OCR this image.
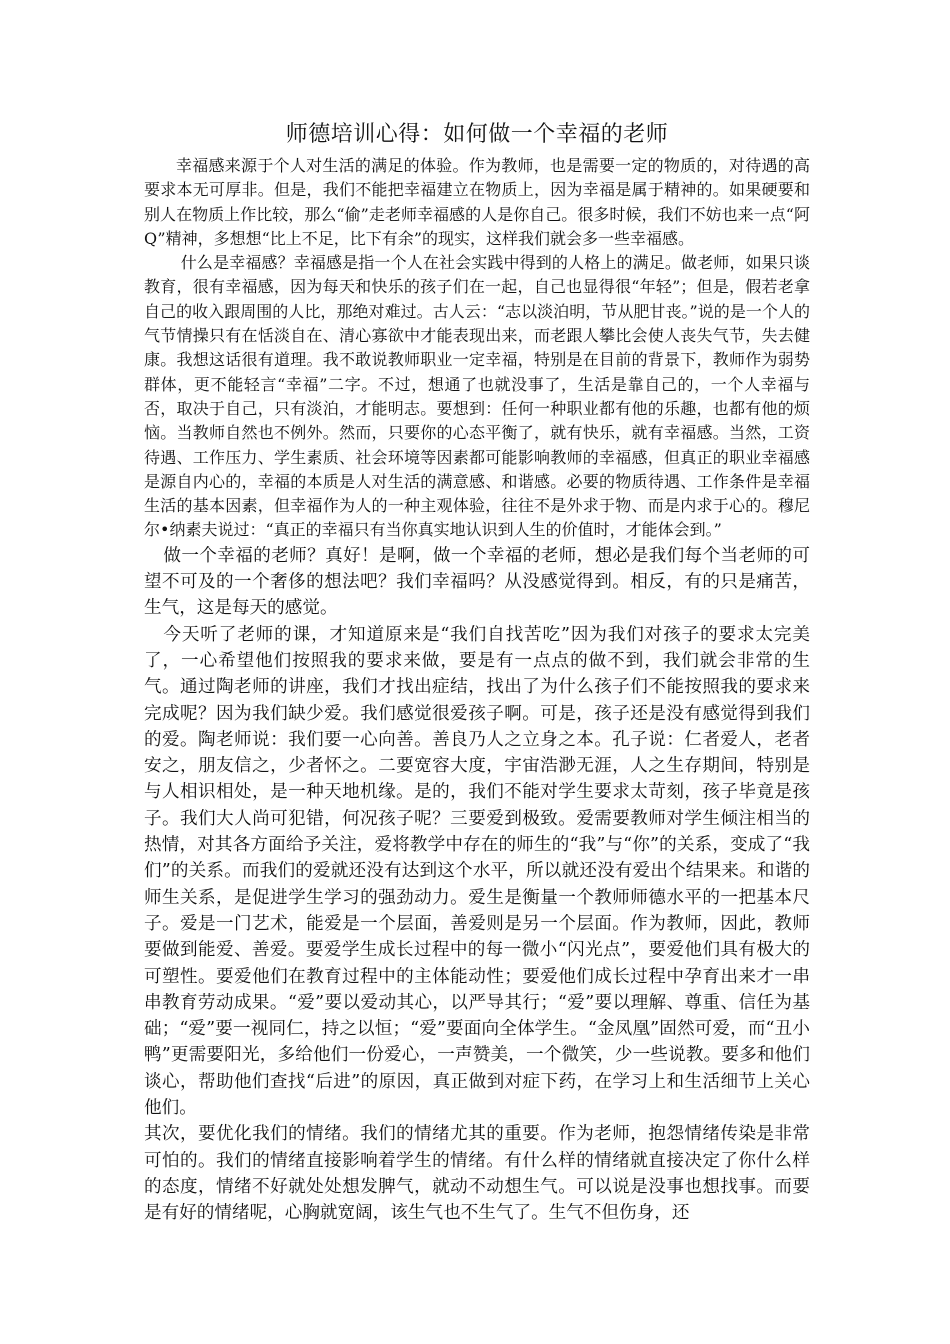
师德培训心得：如何做一个幸福的老师

幸福感来源于个人对生活的满足的体验。作为教师，也是需要一定的物质的，对待遇的高要求本无可厚非。但是，我们不能把幸福建立在物质上，因为幸福是属于精神的。如果硬要和别人在物质上作比较，那么“偷”走老师幸福感的人是你自己。很多时候，我们不妨也来一点“阿Q”精神，多想想“比上不足，比下有余”的现实，这样我们就会多一些幸福感。

什么是幸福感？幸福感是指一个人在社会实践中得到的人格上的满足。做老师，如果只谈教育，很有幸福感，因为每天和快乐的孩子们在一起，自己也显得很“年轻”；但是，假若老拿自己的收入跟周围的人比，那绝对难过。古人云：“志以淡泊明，节从肥甘丧。”说的是一个人的气节情操只有在恬淡自在、清心寡欲中才能表现出来，而老跟人攀比会使人丧失气节，失去健康。我想这话很有道理。我不敢说教师职业一定幸福，特别是在目前的背景下，教师作为弱势群体，更不能轻言“幸福”二字。不过，想通了也就没事了，生活是靠自己的，一个人幸福与否，取决于自己，只有淡泊，才能明志。要想到：任何一种职业都有他的乐趣，也都有他的烦恼。当教师自然也不例外。然而，只要你的心态平衡了，就有快乐，就有幸福感。当然，工资待遇、工作压力、学生素质、社会环境等因素都可能影响教师的幸福感，但真正的职业幸福感是源自内心的，幸福的本质是人对生活的满意感、和谐感。必要的物质待遇、工作条件是幸福生活的基本因素，但幸福作为人的一种主观体验，往往不是外求于物、而是内求于心的。穆尼尔•纳素夫说过：“真正的幸福只有当你真实地认识到人生的价值时，才能体会到。”

做一个幸福的老师？真好！是啊，做一个幸福的老师，想必是我们每个当老师的可望不可及的一个奢侈的想法吧？我们幸福吗？从没感觉得到。相反，有的只是痛苦，生气，这是每天的感觉。

今天听了老师的课，才知道原来是“我们自找苦吃”因为我们对孩子的要求太完美了，一心希望他们按照我的要求来做，要是有一点点的做不到，我们就会非常的生气。通过陶老师的讲座，我们才找出症结，找出了为什么孩子们不能按照我的要求来完成呢？因为我们缺少爱。我们感觉很爱孩子啊。可是，孩子还是没有感觉得到我们的爱。陶老师说：我们要一心向善。善良乃人之立身之本。孔子说：仁者爱人，老者安之，朋友信之，少者怀之。二要宽容大度，宇宙浩渺无涯，人之生存期间，特别是与人相识相处，是一种天地机缘。是的，我们不能对学生要求太苛刻，孩子毕竟是孩子。我们大人尚可犯错，何况孩子呢？三要爱到极致。爱需要教师对学生倾注相当的热情，对其各方面给予关注，爱将教学中存在的师生的“我”与“你”的关系，变成了“我们”的关系。而我们的爱就还没有达到这个水平，所以就还没有爱出个结果来。和谐的师生关系，是促进学生学习的强劲动力。爱生是衡量一个教师师德水平的一把基本尺子。爱是一门艺术，能爱是一个层面，善爱则是另一个层面。作为教师，因此，教师要做到能爱、善爱。要爱学生成长过程中的每一微小“闪光点”，要爱他们具有极大的可塑性。要爱他们在教育过程中的主体能动性；要爱他们成长过程中孕育出来才一串串教育劳动成果。“爱”要以爱动其心，以严导其行；“爱”要以理解、尊重、信任为基础；“爱”要一视同仁，持之以恒；“爱”要面向全体学生。“金凤凰”固然可爱，而“丑小鸭”更需要阳光，多给他们一份爱心，一声赞美，一个微笑，少一些说教。要多和他们谈心，帮助他们查找“后进”的原因，真正做到对症下药，在学习上和生活细节上关心他们。

其次，要优化我们的情绪。我们的情绪尤其的重要。作为老师，抱怨情绪传染是非常可怕的。我们的情绪直接影响着学生的情绪。有什么样的情绪就直接决定了你什么样的态度，情绪不好就处处想发脾气，就动不动想生气。可以说是没事也想找事。而要是有好的情绪呢，心胸就宽阔，该生气也不生气了。生气不但伤身，还
